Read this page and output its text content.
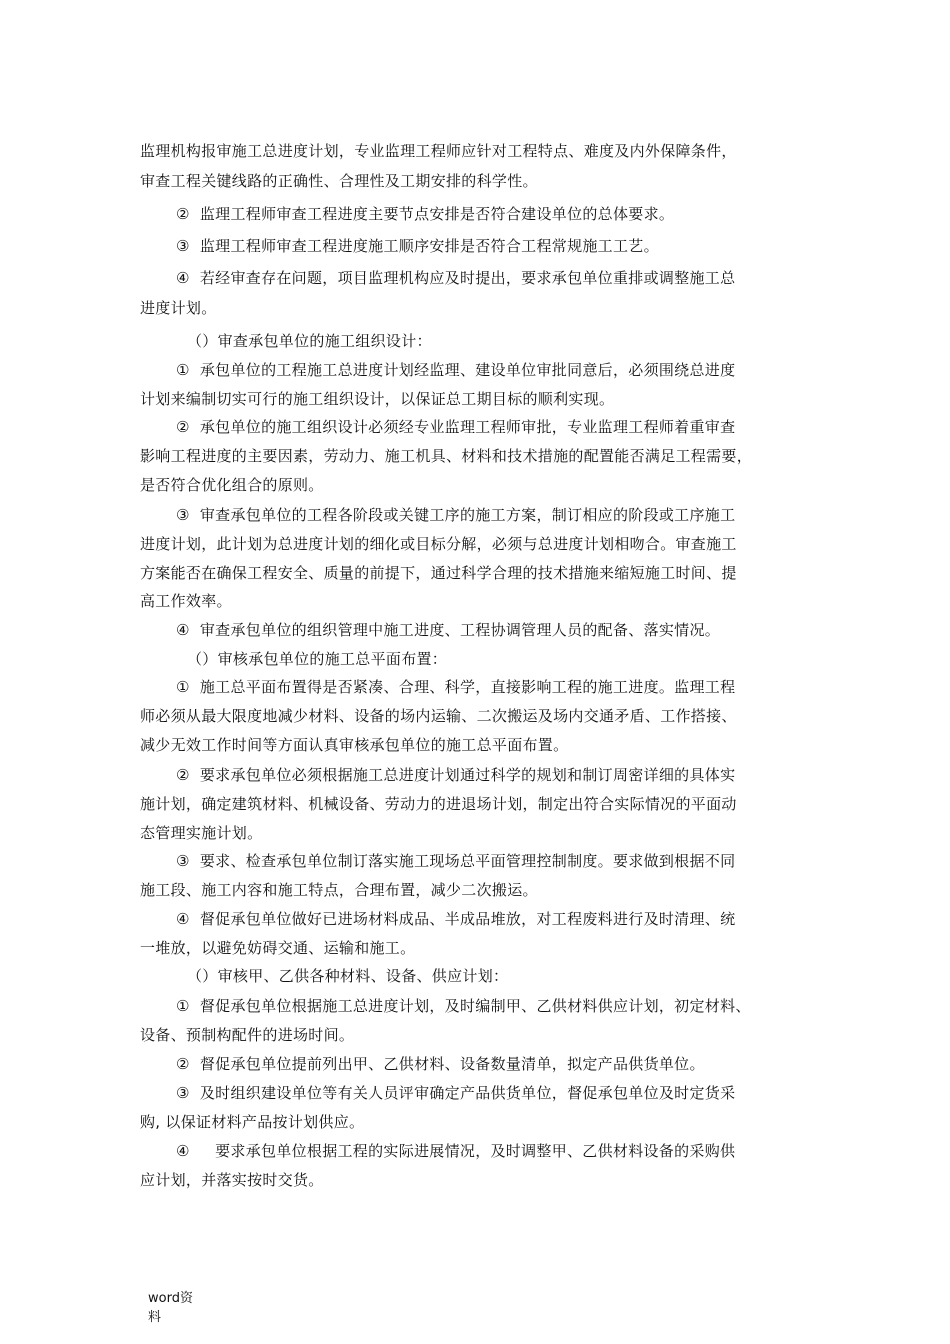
监理机构报审施工总进度计划，专业监理工程师应针对工程特点、难度及内外保障条件，
审查工程关键线路的正确性、合理性及工期安排的科学性。
②  监理工程师审查工程进度主要节点安排是否符合建设单位的总体要求。
③  监理工程师审查工程进度施工顺序安排是否符合工程常规施工工艺。
④  若经审查存在问题，项目监理机构应及时提出，要求承包单位重排或调整施工总
进度计划。
（）审查承包单位的施工组织设计：
①  承包单位的工程施工总进度计划经监理、建设单位审批同意后，必须围绕总进度
计划来编制切实可行的施工组织设计，以保证总工期目标的顺利实现。
②  承包单位的施工组织设计必须经专业监理工程师审批，专业监理工程师着重审查
影响工程进度的主要因素，劳动力、施工机具、材料和技术措施的配置能否满足工程需要，
是否符合优化组合的原则。
③  审查承包单位的工程各阶段或关键工序的施工方案，制订相应的阶段或工序施工
进度计划，此计划为总进度计划的细化或目标分解，必须与总进度计划相吻合。审查施工
方案能否在确保工程安全、质量的前提下，通过科学合理的技术措施来缩短施工时间、提
高工作效率。
④  审查承包单位的组织管理中施工进度、工程协调管理人员的配备、落实情况。
（）审核承包单位的施工总平面布置：
①  施工总平面布置得是否紧凑、合理、科学，直接影响工程的施工进度。监理工程
师必须从最大限度地减少材料、设备的场内运输、二次搬运及场内交通矛盾、工作搭接、
减少无效工作时间等方面认真审核承包单位的施工总平面布置。
②  要求承包单位必须根据施工总进度计划通过科学的规划和制订周密详细的具体实
施计划，确定建筑材料、机械设备、劳动力的进退场计划，制定出符合实际情况的平面动
态管理实施计划。
③  要求、检查承包单位制订落实施工现场总平面管理控制制度。要求做到根据不同
施工段、施工内容和施工特点，合理布置，减少二次搬运。
④  督促承包单位做好已进场材料成品、半成品堆放，对工程废料进行及时清理、统
一堆放，以避免妨碍交通、运输和施工。
（）审核甲、乙供各种材料、设备、供应计划：
①  督促承包单位根据施工总进度计划，及时编制甲、乙供材料供应计划，初定材料、
设备、预制构配件的进场时间。
②  督促承包单位提前列出甲、乙供材料、设备数量清单，拟定产品供货单位。
③  及时组织建设单位等有关人员评审确定产品供货单位，督促承包单位及时定货采
购, 以保证材料产品按计划供应。
④     要求承包单位根据工程的实际进展情况，及时调整甲、乙供材料设备的采购供
应计划，并落实按时交货。
word资
料
